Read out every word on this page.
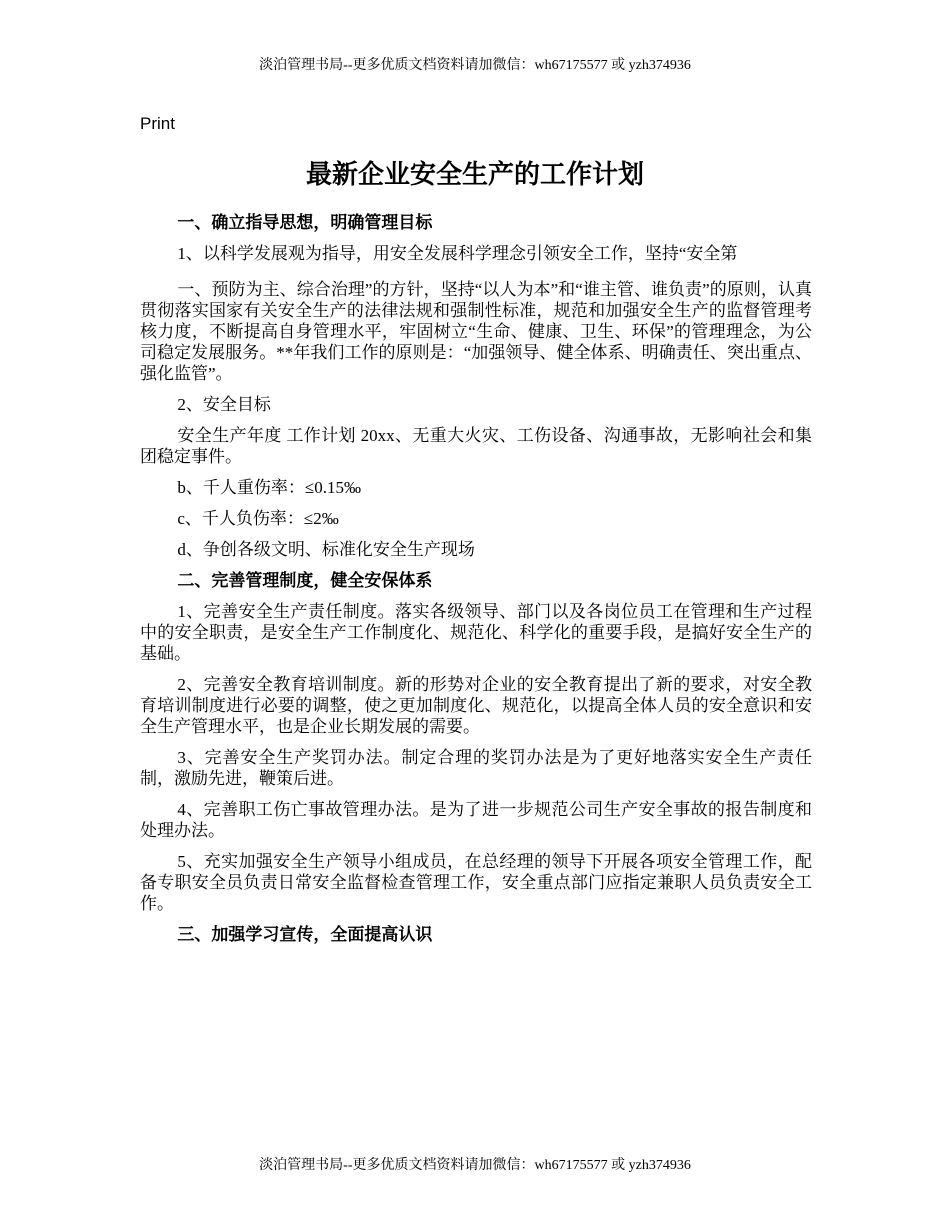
淡泊管理书局--更多优质文档资料请加微信：wh67175577 或 yzh374936
Print
最新企业安全生产的工作计划

一、确立指导思想，明确管理目标

1、以科学发展观为指导，用安全发展科学理念引领安全工作，坚持“安全第

一、预防为主、综合治理”的方针，坚持“以人为本”和“谁主管、谁负责”的原则，认真贯彻落实国家有关安全生产的法律法规和强制性标准，规范和加强安全生产的监督管理考核力度，不断提高自身管理水平，牢固树立“生命、健康、卫生、环保”的管理理念，为公司稳定发展服务。**年我们工作的原则是：“加强领导、健全体系、明确责任、突出重点、强化监管”。

2、安全目标

安全生产年度 工作计划 20xx、无重大火灾、工伤设备、沟通事故，无影响社会和集团稳定事件。

b、千人重伤率：≤0.15‰

c、千人负伤率：≤2‰

d、争创各级文明、标准化安全生产现场

二、完善管理制度，健全安保体系

1、完善安全生产责任制度。落实各级领导、部门以及各岗位员工在管理和生产过程中的安全职责，是安全生产工作制度化、规范化、科学化的重要手段，是搞好安全生产的基础。

2、完善安全教育培训制度。新的形势对企业的安全教育提出了新的要求，对安全教育培训制度进行必要的调整，使之更加制度化、规范化，以提高全体人员的安全意识和安全生产管理水平，也是企业长期发展的需要。

3、完善安全生产奖罚办法。制定合理的奖罚办法是为了更好地落实安全生产责任制，激励先进，鞭策后进。

4、完善职工伤亡事故管理办法。是为了进一步规范公司生产安全事故的报告制度和处理办法。

5、充实加强安全生产领导小组成员，在总经理的领导下开展各项安全管理工作，配备专职安全员负责日常安全监督检查管理工作，安全重点部门应指定兼职人员负责安全工作。

三、加强学习宣传，全面提高认识

淡泊管理书局--更多优质文档资料请加微信：wh67175577 或 yzh374936
